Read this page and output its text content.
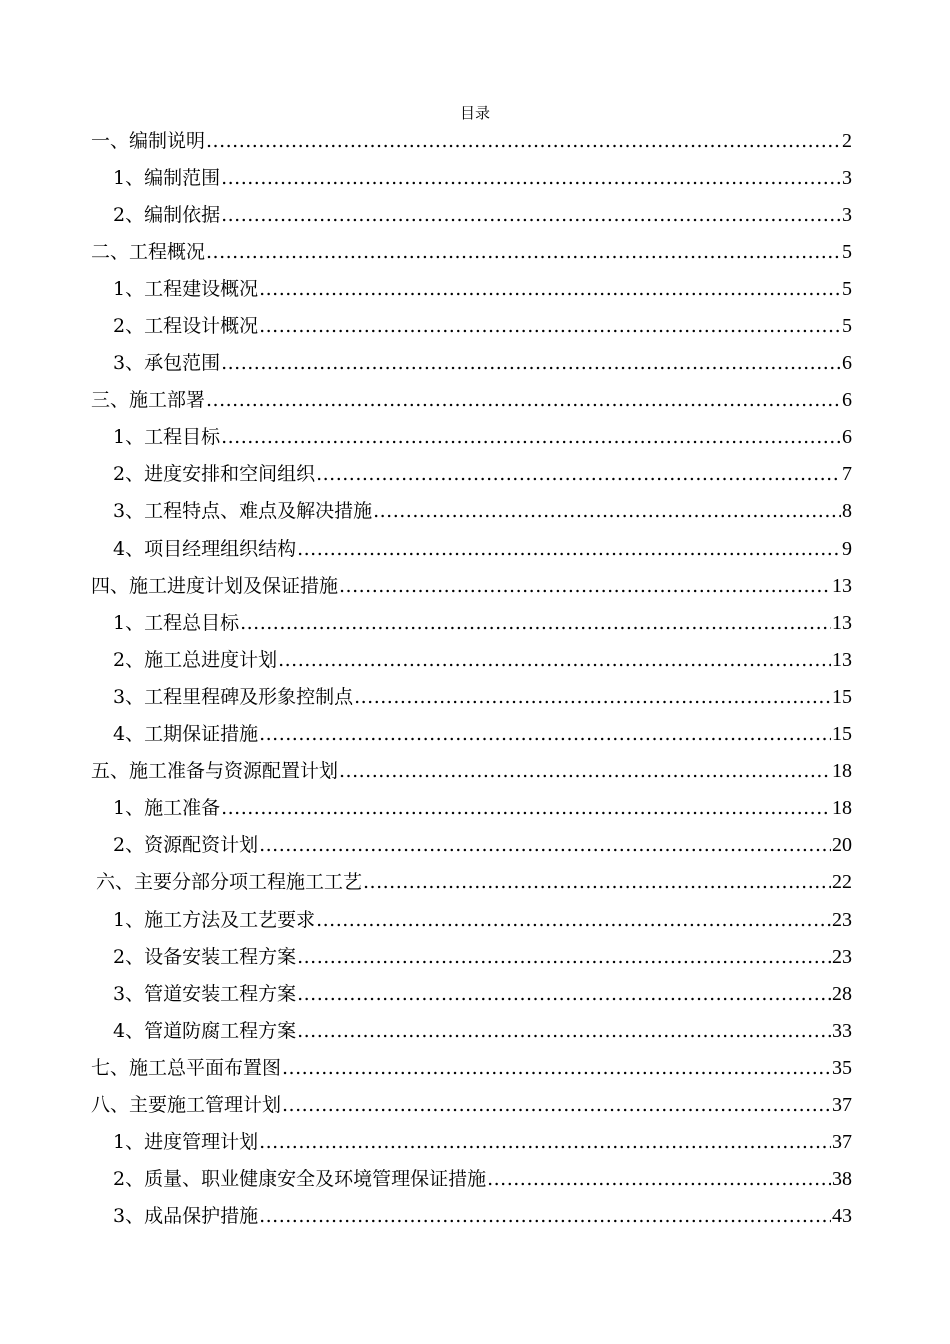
目录
一、编制说明 .....	2
1、编制范围 .....	3
2、编制依据 .....	3
二、工程概况 .....	5
1、工程建设概况 .....	5
2、工程设计概况 .....	5
3、承包范围 .....	6
三、施工部署 .....	6
1、工程目标 .....	6
2、进度安排和空间组织 .....	7
3、工程特点、难点及解决措施 .....	8
4、项目经理组织结构 .....	9
四、施工进度计划及保证措施 .....	13
1、工程总目标 .....	13
2、施工总进度计划 .....	13
3、工程里程碑及形象控制点 .....	15
4、工期保证措施 .....	15
五、施工准备与资源配置计划 .....	18
1、施工准备 .....	18
2、资源配资计划 .....	20
六、主要分部分项工程施工工艺 .....	22
1、施工方法及工艺要求 .....	23
2、设备安装工程方案 .....	23
3、管道安装工程方案 .....	28
4、管道防腐工程方案 .....	33
七、施工总平面布置图 .....	35
八、主要施工管理计划 .....	37
1、进度管理计划 .....	37
2、质量、职业健康安全及环境管理保证措施 .....	38
3、成品保护措施 .....	43
